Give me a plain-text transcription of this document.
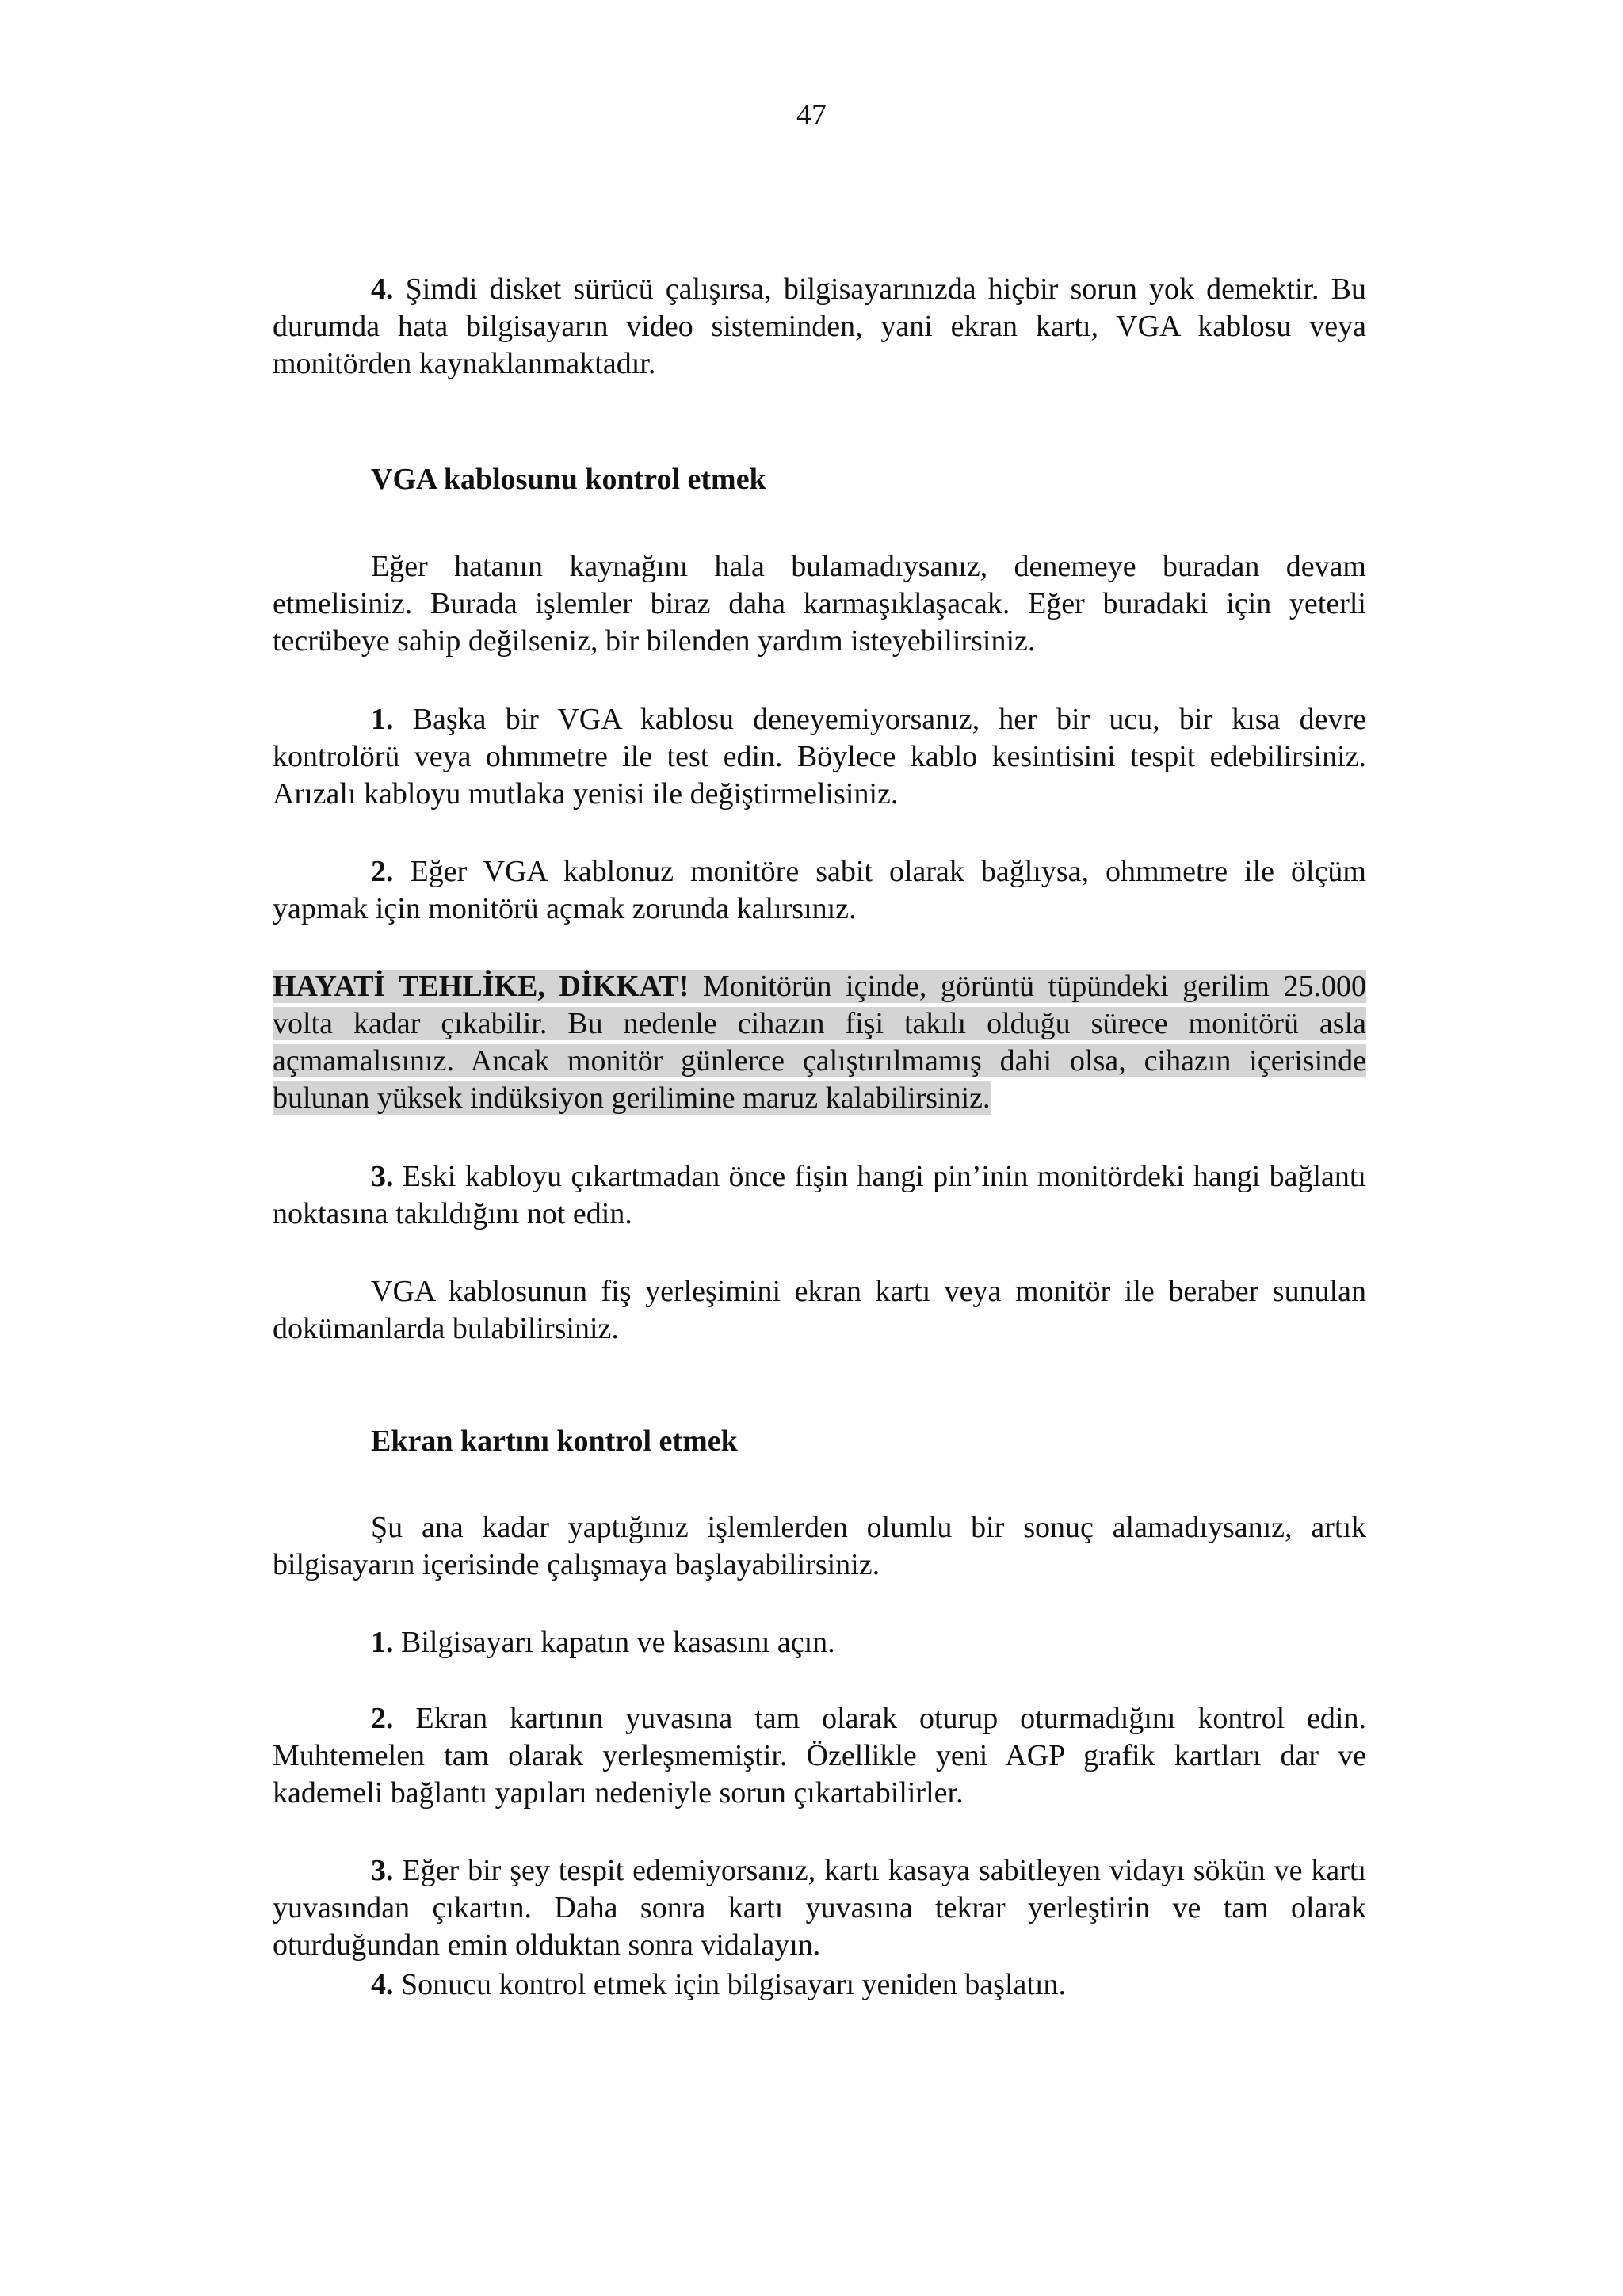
47

4. Şimdi disket sürücü çalışırsa, bilgisayarınızda hiçbir sorun yok demektir. Bu durumda hata bilgisayarın video sisteminden, yani ekran kartı, VGA kablosu veya monitörden kaynaklanmaktadır.

VGA kablosunu kontrol etmek

Eğer hatanın kaynağını hala bulamadıysanız, denemeye buradan devam etmelisiniz. Burada işlemler biraz daha karmaşıklaşacak. Eğer buradaki için yeterli tecrübeye sahip değilseniz, bir bilenden yardım isteyebilirsiniz.

1. Başka bir VGA kablosu deneyemiyorsanız, her bir ucu, bir kısa devre kontrolörü veya ohmmetre ile test edin. Böylece kablo kesintisini tespit edebilirsiniz. Arızalı kabloyu mutlaka yenisi ile değiştirmelisiniz.

2. Eğer VGA kablonuz monitöre sabit olarak bağlıysa, ohmmetre ile ölçüm yapmak için monitörü açmak zorunda kalırsınız.

HAYATİ TEHLİKE, DİKKAT! Monitörün içinde, görüntü tüpündeki gerilim 25.000 volta kadar çıkabilir. Bu nedenle cihazın fişi takılı olduğu sürece monitörü asla açmamalısınız. Ancak monitör günlerce çalıştırılmamış dahi olsa, cihazın içerisinde bulunan yüksek indüksiyon gerilimine maruz kalabilirsiniz.

3. Eski kabloyu çıkartmadan önce fişin hangi pin’inin monitördeki hangi bağlantı noktasına takıldığını not edin.

VGA kablosunun fiş yerleşimini ekran kartı veya monitör ile beraber sunulan dokümanlarda bulabilirsiniz.

Ekran kartını kontrol etmek

Şu ana kadar yaptığınız işlemlerden olumlu bir sonuç alamadıysanız, artık bilgisayarın içerisinde çalışmaya başlayabilirsiniz.

1. Bilgisayarı kapatın ve kasasını açın.

2. Ekran kartının yuvasına tam olarak oturup oturmadığını kontrol edin. Muhtemelen tam olarak yerleşmemiştir. Özellikle yeni AGP grafik kartları dar ve kademeli bağlantı yapıları nedeniyle sorun çıkartabilirler.

3. Eğer bir şey tespit edemiyorsanız, kartı kasaya sabitleyen vidayı sökün ve kartı yuvasından çıkartın. Daha sonra kartı yuvasına tekrar yerleştirin ve tam olarak oturduğundan emin olduktan sonra vidalayın.

4. Sonucu kontrol etmek için bilgisayarı yeniden başlatın.
